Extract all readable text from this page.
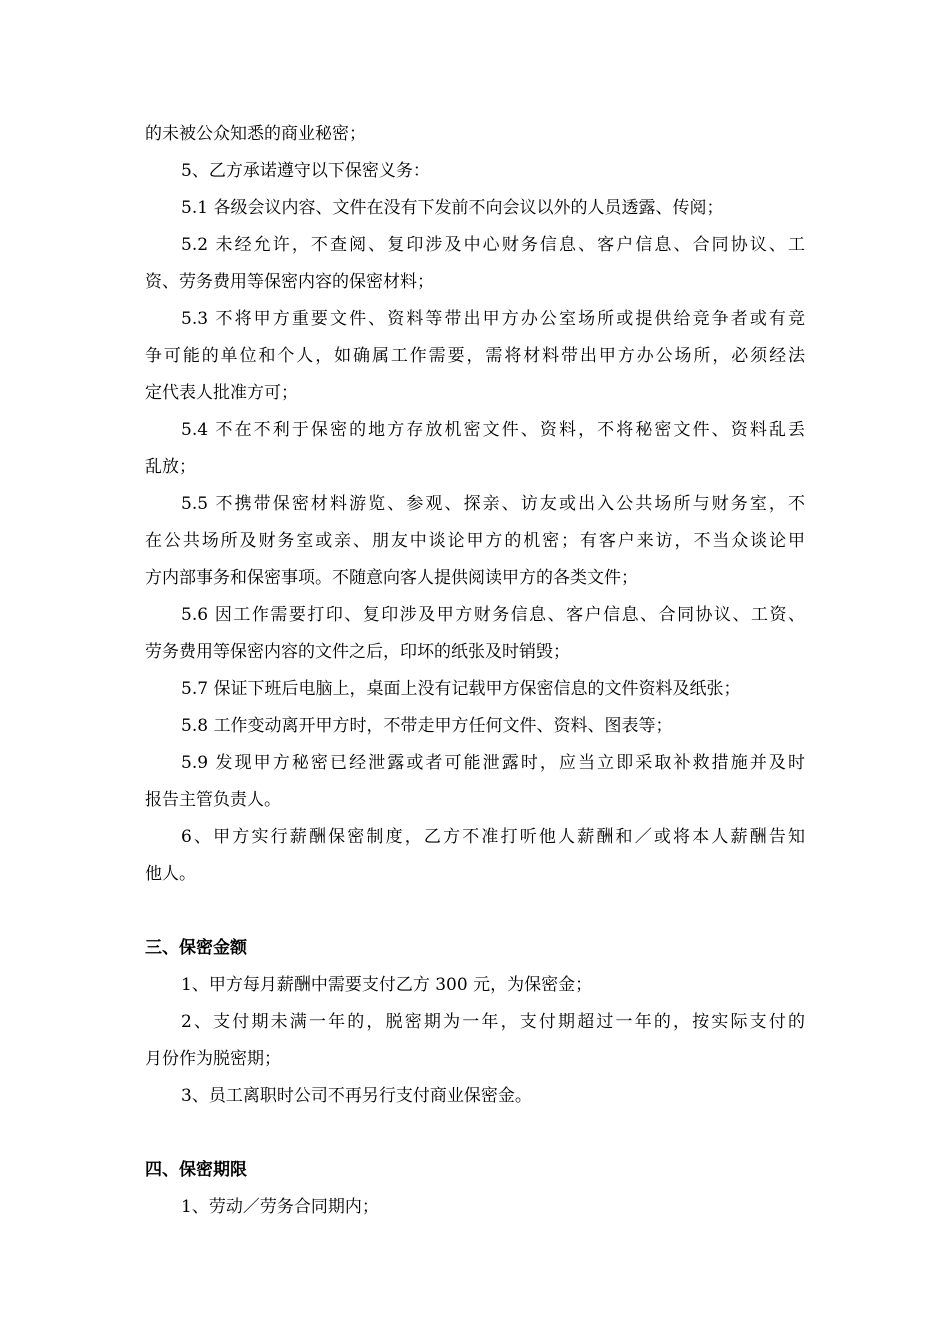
的未被公众知悉的商业秘密；

5、乙方承诺遵守以下保密义务：

5.1 各级会议内容、文件在没有下发前不向会议以外的人员透露、传阅；

5.2 未经允许，不查阅、复印涉及中心财务信息、客户信息、合同协议、工

资、劳务费用等保密内容的保密材料；

5.3 不将甲方重要文件、资料等带出甲方办公室场所或提供给竞争者或有竞

争可能的单位和个人，如确属工作需要，需将材料带出甲方办公场所，必须经法

定代表人批准方可；

5.4 不在不利于保密的地方存放机密文件、资料，不将秘密文件、资料乱丢

乱放；

5.5 不携带保密材料游览、参观、探亲、访友或出入公共场所与财务室，不

在公共场所及财务室或亲、朋友中谈论甲方的机密；有客户来访，不当众谈论甲

方内部事务和保密事项。不随意向客人提供阅读甲方的各类文件；

5.6 因工作需要打印、复印涉及甲方财务信息、客户信息、合同协议、工资、

劳务费用等保密内容的文件之后，印坏的纸张及时销毁；

5.7 保证下班后电脑上，桌面上没有记载甲方保密信息的文件资料及纸张；

5.8 工作变动离开甲方时，不带走甲方任何文件、资料、图表等；

5.9 发现甲方秘密已经泄露或者可能泄露时，应当立即采取补救措施并及时

报告主管负责人。

6、甲方实行薪酬保密制度，乙方不准打听他人薪酬和／或将本人薪酬告知

他人。

三、保密金额

1、甲方每月薪酬中需要支付乙方 300 元，为保密金；

2、支付期未满一年的，脱密期为一年，支付期超过一年的，按实际支付的

月份作为脱密期；

3、员工离职时公司不再另行支付商业保密金。

四、保密期限

1、劳动／劳务合同期内；
